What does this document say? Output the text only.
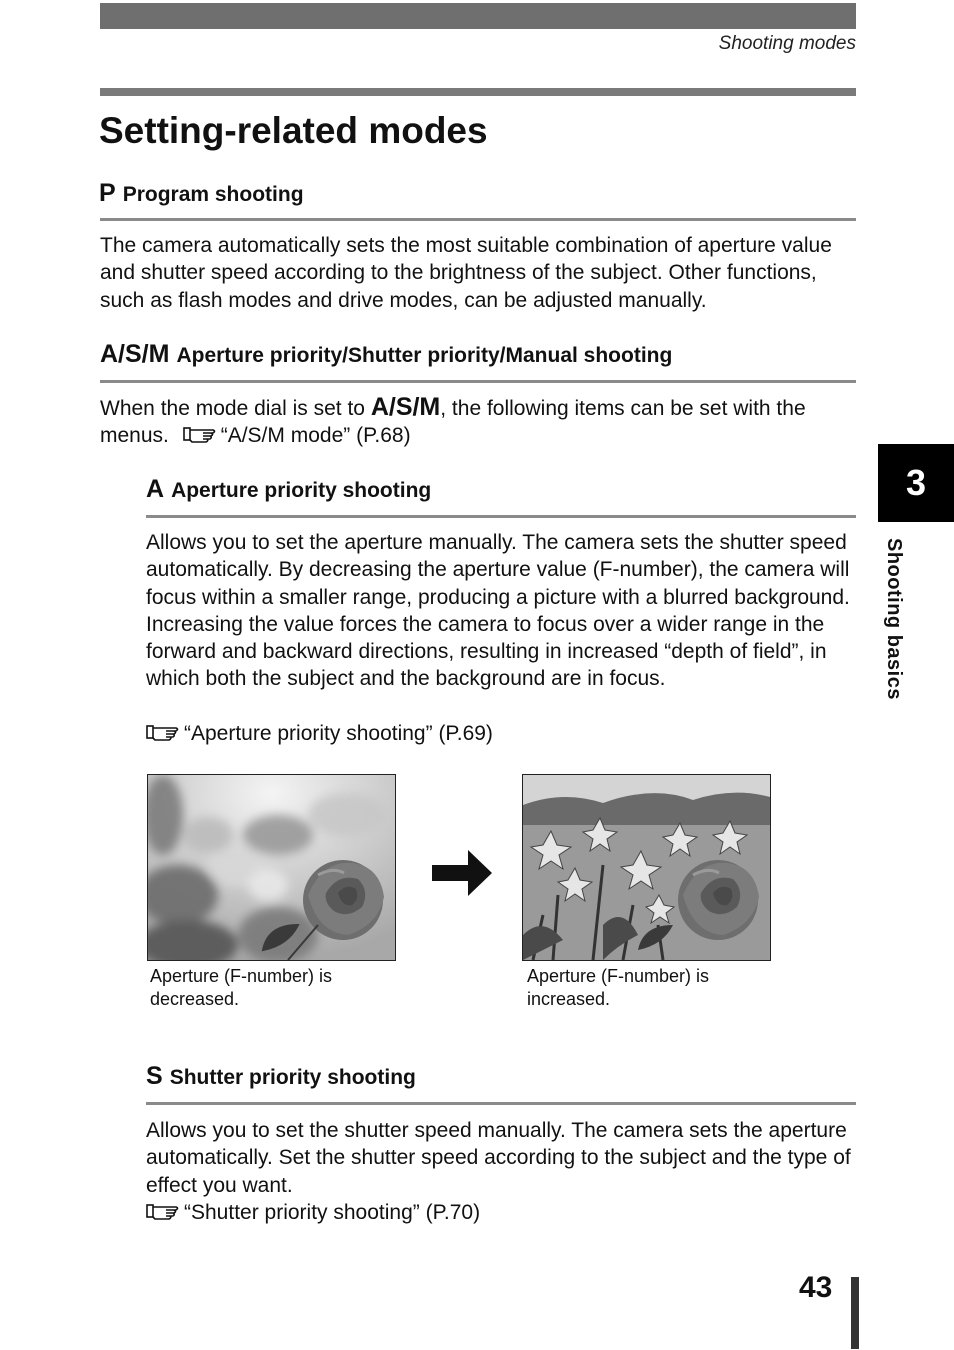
Shooting modes
Setting-related modes
P Program shooting

The camera automatically sets the most suitable combination of aperture value and shutter speed according to the brightness of the subject. Other functions, such as flash modes and drive modes, can be adjusted manually.

A/S/M Aperture priority/Shutter priority/Manual shooting

When the mode dial is set to A/S/M, the following items can be set with the menus. “A/S/M mode” (P.68)

A Aperture priority shooting

Allows you to set the aperture manually. The camera sets the shutter speed automatically. By decreasing the aperture value (F-number), the camera will focus within a smaller range, producing a picture with a blurred background. Increasing the value forces the camera to focus over a wider range in the forward and backward directions, resulting in increased “depth of field”, in which both the subject and the background are in focus.

“Aperture priority shooting” (P.69)
Aperture (F-number) is decreased.
Aperture (F-number) is increased.
S Shutter priority shooting

Allows you to set the shutter speed manually. The camera sets the aperture automatically. Set the shutter speed according to the subject and the type of effect you want.

“Shutter priority shooting” (P.70)
3
Shooting basics
43
